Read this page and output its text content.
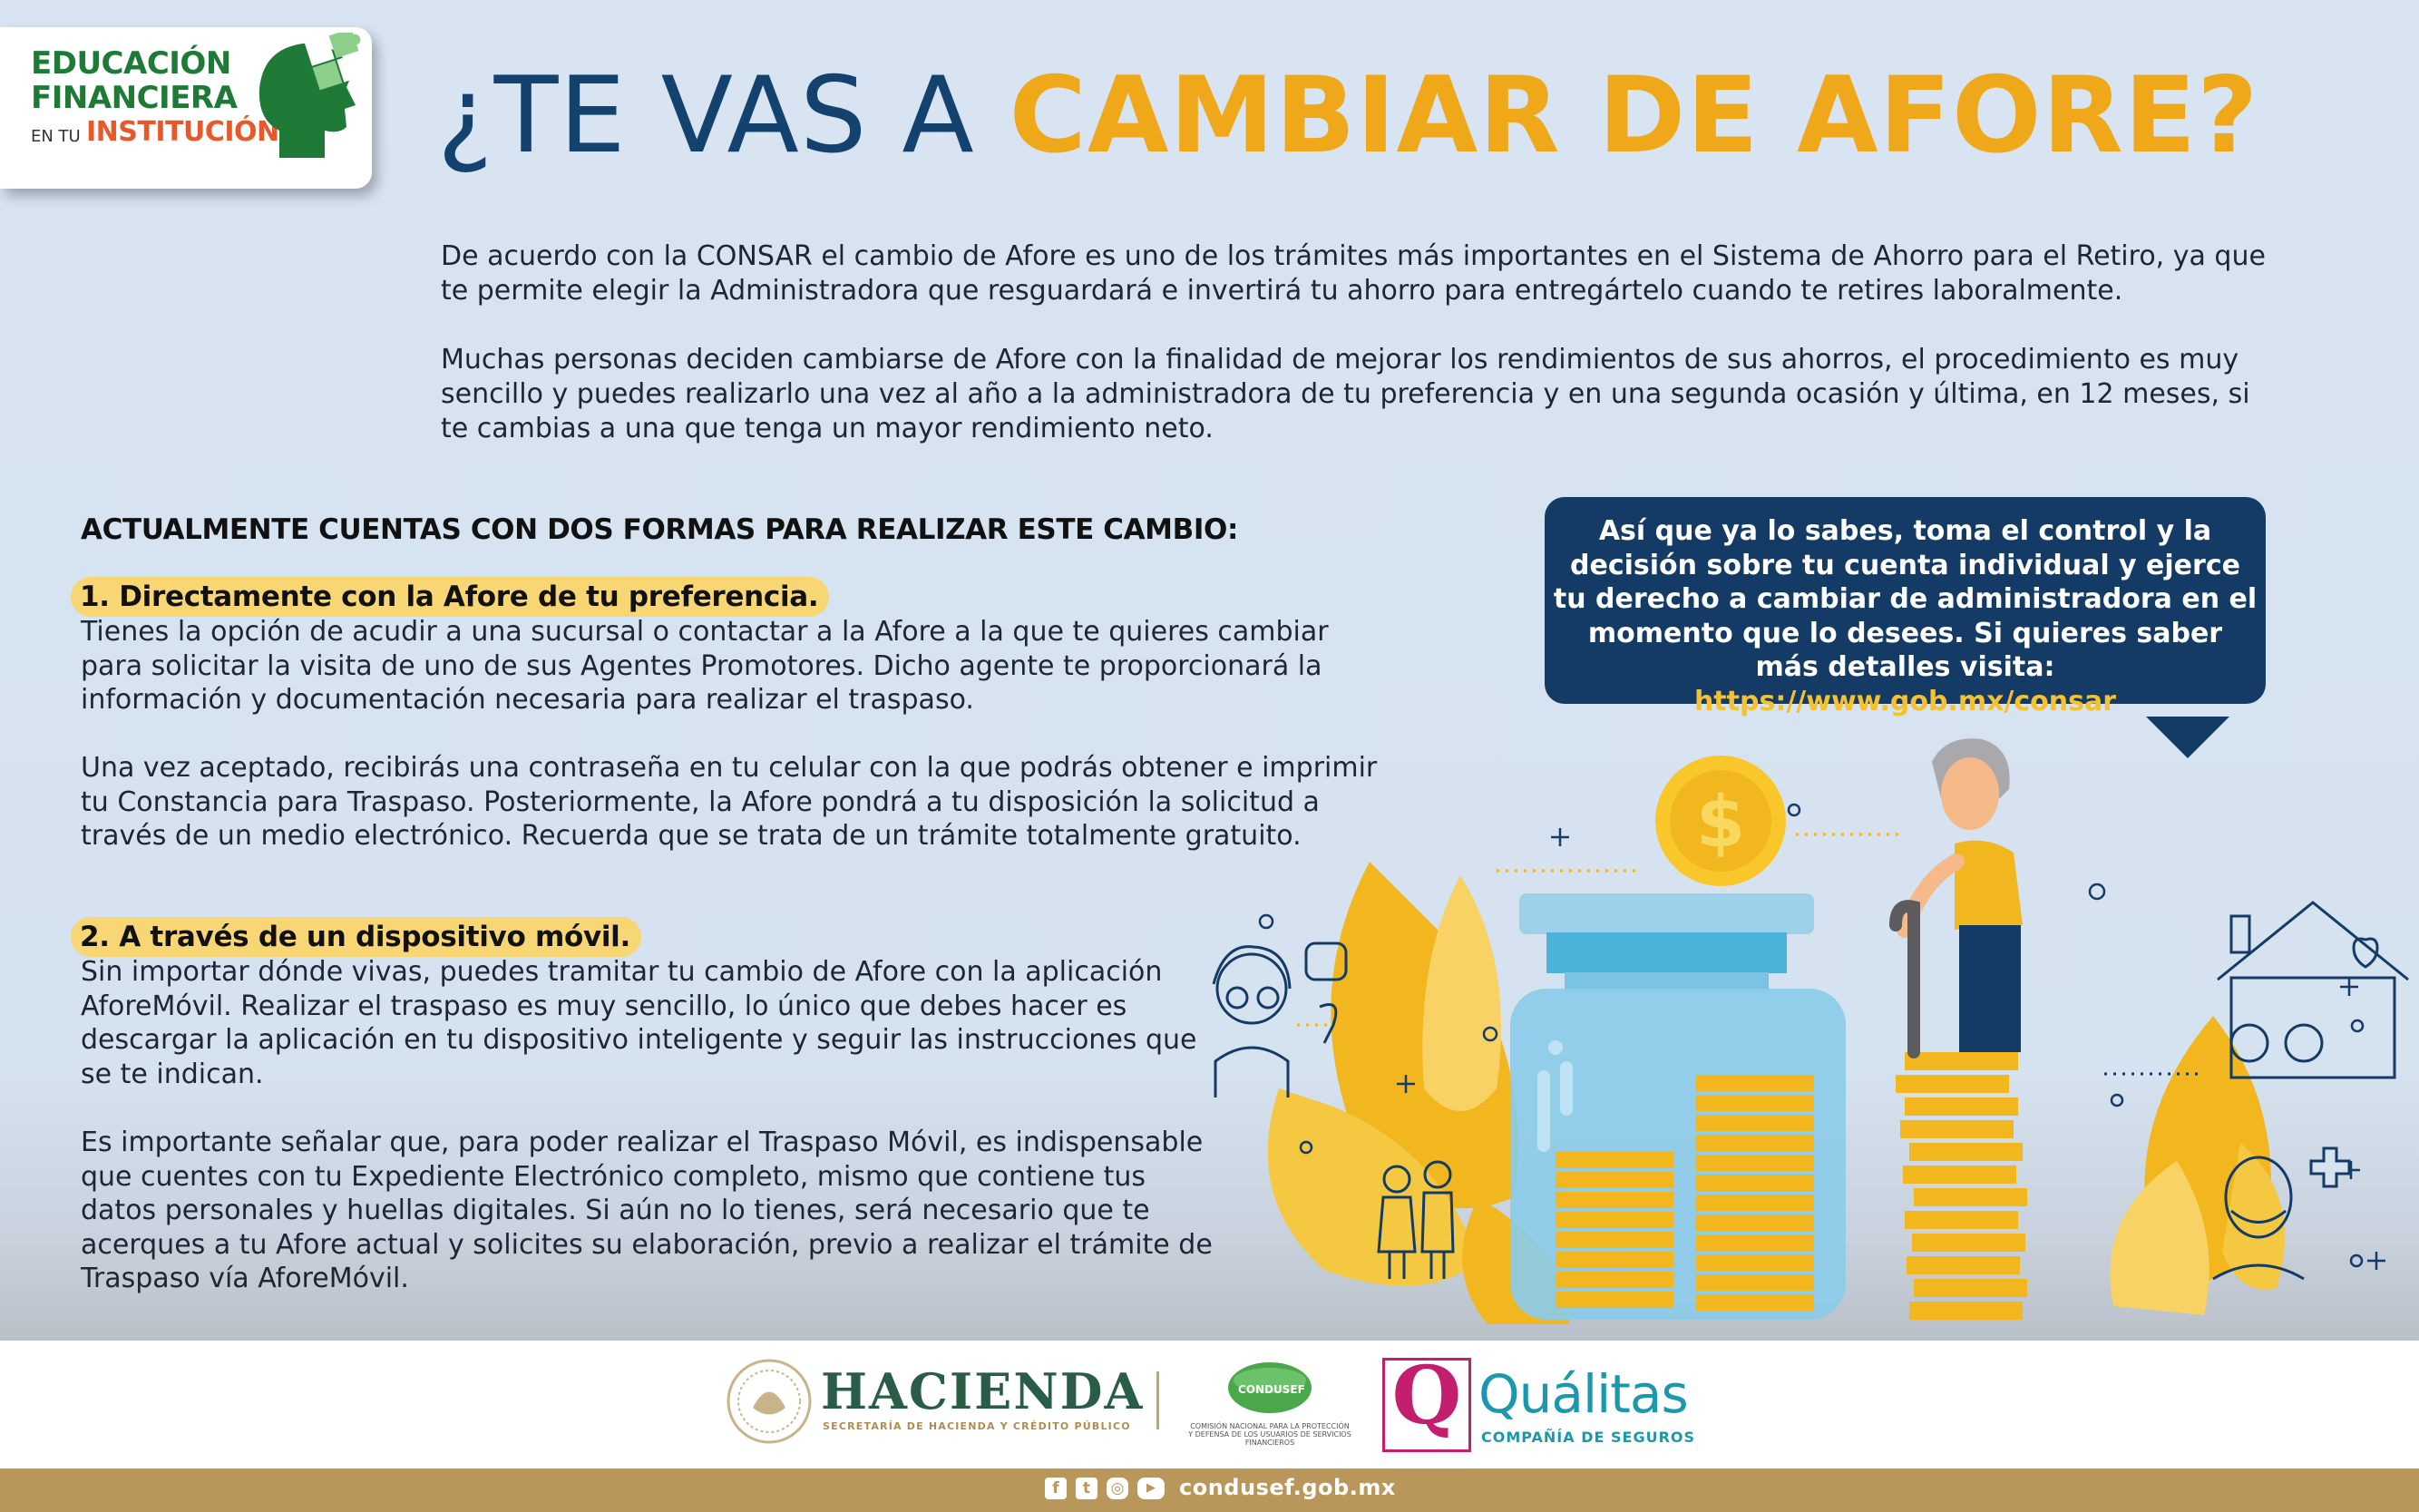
EDUCACIÓN
FINANCIERA
EN TU INSTITUCIÓN ¿TE VAS A CAMBIAR DE AFORE?
De acuerdo con la CONSAR el cambio de Afore es uno de los trámites más importantes en el Sistema de Ahorro para el Retiro, ya que te permite elegir la Administradora que resguardará e invertirá tu ahorro para entregártelo cuando te retires laboralmente.
Muchas personas deciden cambiarse de Afore con la finalidad de mejorar los rendimientos de sus ahorros, el procedimiento es muy sencillo y puedes realizarlo una vez al año a la administradora de tu preferencia y en una segunda ocasión y última, en 12 meses, si te cambias a una que tenga un mayor rendimiento neto.
ACTUALMENTE CUENTAS CON DOS FORMAS PARA REALIZAR ESTE CAMBIO:
1. Directamente con la Afore de tu preferencia.
Tienes la opción de acudir a una sucursal o contactar a la Afore a la que te quieres cambiar para solicitar la visita de uno de sus Agentes Promotores. Dicho agente te proporcionará la información y documentación necesaria para realizar el traspaso.
Una vez aceptado, recibirás una contraseña en tu celular con la que podrás obtener e imprimir tu Constancia para Traspaso. Posteriormente, la Afore pondrá a tu disposición la solicitud a través de un medio electrónico. Recuerda que se trata de un trámite totalmente gratuito.
2. A través de un dispositivo móvil.
Sin importar dónde vivas, puedes tramitar tu cambio de Afore con la aplicación AforeMóvil. Realizar el traspaso es muy sencillo, lo único que debes hacer es descargar la aplicación en tu dispositivo inteligente y seguir las instrucciones que se te indican.
Es importante señalar que, para poder realizar el Traspaso Móvil, es indispensable que cuentes con tu Expediente Electrónico completo, mismo que contiene tus datos personales y huellas digitales. Si aún no lo tienes, será necesario que te acerques a tu Afore actual y solicites su elaboración, previo a realizar el trámite de Traspaso vía AforeMóvil.
Así que ya lo sabes, toma el control y la decisión sobre tu cuenta individual y ejerce tu derecho a cambiar de administradora en el momento que lo desees. Si quieres saber más detalles visita: https://www.gob.mx/consar
$
HACIENDA
SECRETARÍA DE HACIENDA Y CRÉDITO PÚBLICO
CONDUSEF
COMISIÓN NACIONAL PARA LA PROTECCIÓN Y DEFENSA DE LOS USUARIOS DE SERVICIOS FINANCIEROS
Q Quálitas
COMPAÑÍA DE SEGUROS
f	t	◎	▶	condusef.gob.mx
